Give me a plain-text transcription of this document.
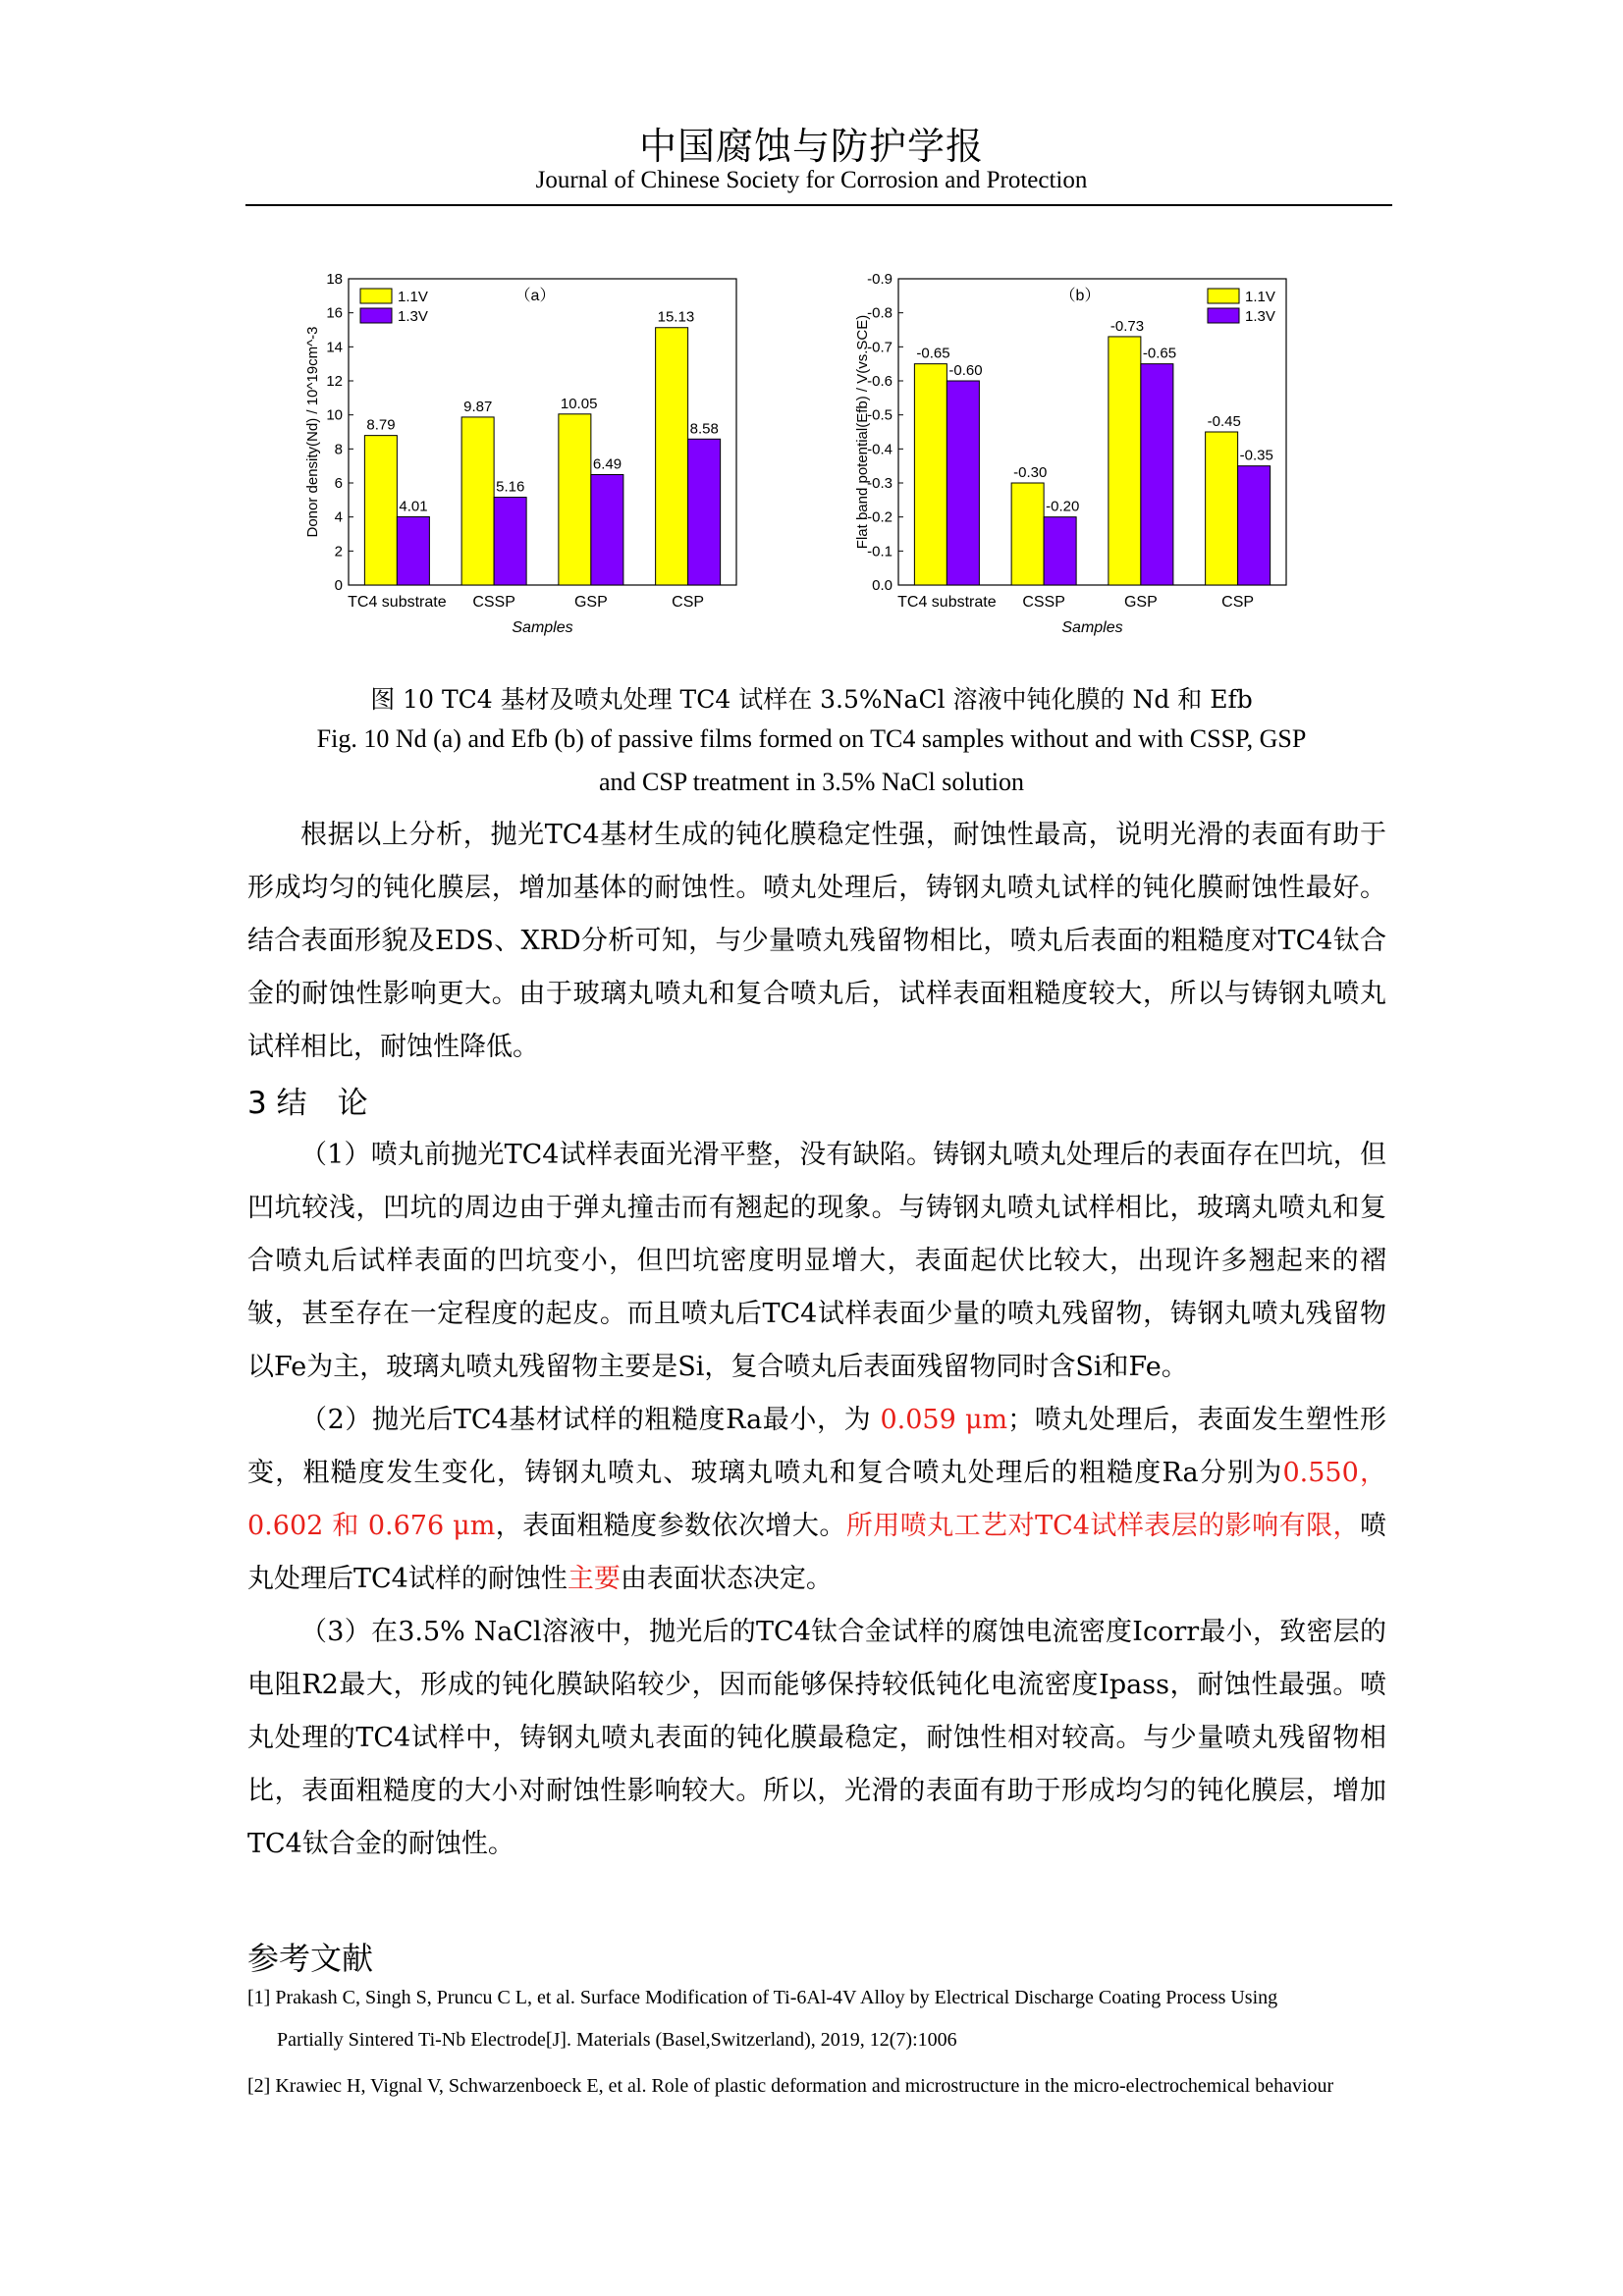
中国腐蚀与防护学报
Journal of Chinese Society for Corrosion and Protection
0
2
4
6
8
10
12
14
16
18
TC4 substrate
8.79
4.01
CSSP
9.87
5.16
GSP
10.05
6.49
CSP
15.13
8.58
Samples
Donor density(Nd) / 10^19cm^-3
（a）
1.1V
1.3V
0.0
-0.1
-0.2
-0.3
-0.4
-0.5
-0.6
-0.7
-0.8
-0.9
TC4 substrate
-0.65
-0.60
CSSP
-0.30
-0.20
GSP
-0.73
-0.65
CSP
-0.45
-0.35
Samples
Flat band potential(Efb) / V(vs.SCE)
（b）	1.1V
1.3V
图 10 TC4 基材及喷丸处理 TC4 试样在 3.5%NaCl 溶液中钝化膜的 Nd 和 Efb
Fig. 10 Nd (a) and Efb (b) of passive films formed on TC4 samples without and with CSSP, GSP
and CSP treatment in 3.5% NaCl solution

根据以上分析，抛光TC4基材生成的钝化膜稳定性强，耐蚀性最高，说明光滑的表面有助于形成均匀的钝化膜层，增加基体的耐蚀性。喷丸处理后，铸钢丸喷丸试样的钝化膜耐蚀性最好。结合表面形貌及EDS、XRD分析可知，与少量喷丸残留物相比，喷丸后表面的粗糙度对TC4钛合金的耐蚀性影响更大。由于玻璃丸喷丸和复合喷丸后，试样表面粗糙度较大，所以与铸钢丸喷丸试样相比，耐蚀性降低。

3 结　论

（1）喷丸前抛光TC4试样表面光滑平整，没有缺陷。铸钢丸喷丸处理后的表面存在凹坑，但凹坑较浅，凹坑的周边由于弹丸撞击而有翘起的现象。与铸钢丸喷丸试样相比，玻璃丸喷丸和复合喷丸后试样表面的凹坑变小，但凹坑密度明显增大，表面起伏比较大，出现许多翘起来的褶皱，甚至存在一定程度的起皮。而且喷丸后TC4试样表面少量的喷丸残留物，铸钢丸喷丸残留物以Fe为主，玻璃丸喷丸残留物主要是Si，复合喷丸后表面残留物同时含Si和Fe。

（2）抛光后TC4基材试样的粗糙度Ra最小，为 0.059 μm；喷丸处理后，表面发生塑性形变，粗糙度发生变化，铸钢丸喷丸、玻璃丸喷丸和复合喷丸处理后的粗糙度Ra分别为0.550，0.602 和 0.676 μm，表面粗糙度参数依次增大。所用喷丸工艺对TC4试样表层的影响有限，喷丸处理后TC4试样的耐蚀性主要由表面状态决定。

（3）在3.5% NaCl溶液中，抛光后的TC4钛合金试样的腐蚀电流密度Icorr最小，致密层的电阻R2最大，形成的钝化膜缺陷较少，因而能够保持较低钝化电流密度Ipass，耐蚀性最强。喷丸处理的TC4试样中，铸钢丸喷丸表面的钝化膜最稳定，耐蚀性相对较高。与少量喷丸残留物相比，表面粗糙度的大小对耐蚀性影响较大。所以，光滑的表面有助于形成均匀的钝化膜层，增加TC4钛合金的耐蚀性。

参考文献
[1] Prakash C, Singh S, Pruncu C L, et al. Surface Modification of Ti-6Al-4V Alloy by Electrical Discharge Coating Process Using
Partially Sintered Ti-Nb Electrode[J]. Materials (Basel,Switzerland), 2019, 12(7):1006
[2] Krawiec H, Vignal V, Schwarzenboeck E, et al. Role of plastic deformation and microstructure in the micro-electrochemical behaviour
